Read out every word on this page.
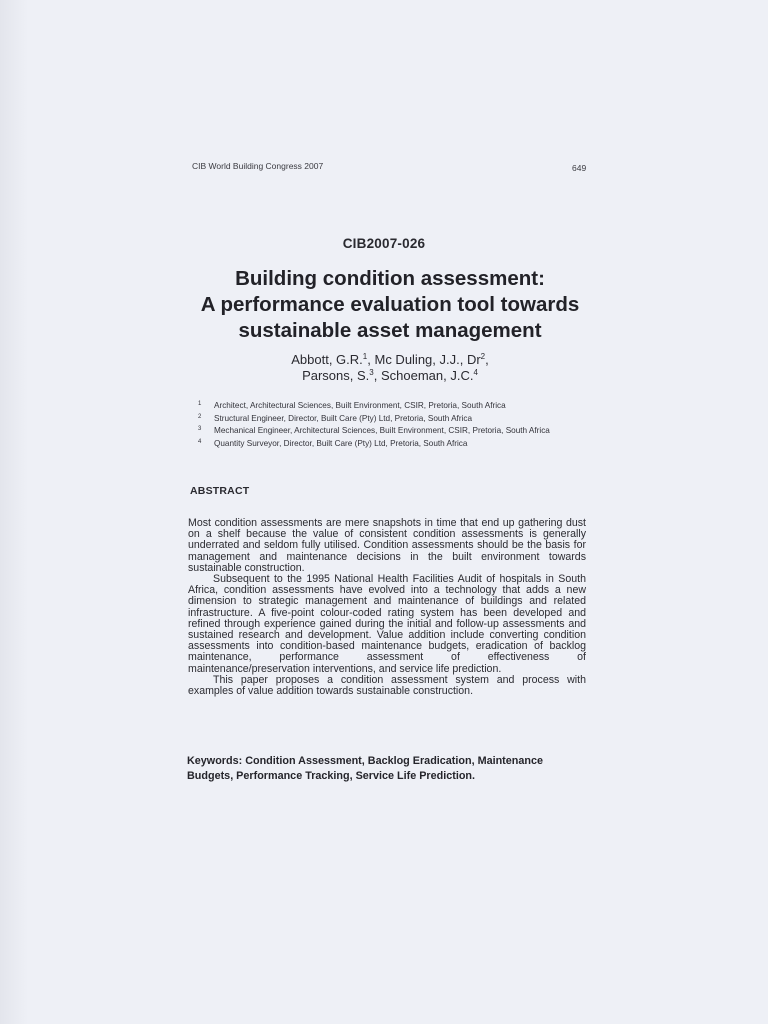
CIB World Building Congress 2007	649
CIB2007-026
Building condition assessment:
A performance evaluation tool towards
sustainable asset management
Abbott, G.R.$^1$, Mc Duling, J.J., Dr$^2$,
Parsons, S.$^3$, Schoeman, J.C.$^4$
1 Architect, Architectural Sciences, Built Environment, CSIR, Pretoria, South Africa
2 Structural Engineer, Director, Built Care (Pty) Ltd, Pretoria, South Africa
3 Mechanical Engineer, Architectural Sciences, Built Environment, CSIR, Pretoria, South Africa
4 Quantity Surveyor, Director, Built Care (Pty) Ltd, Pretoria, South Africa
ABSTRACT

Most condition assessments are mere snapshots in time that end up gathering dust on a shelf because the value of consistent condition assessments is generally underrated and seldom fully utilised. Condition assessments should be the basis for management and maintenance decisions in the built environment towards sustainable construction.

Subsequent to the 1995 National Health Facilities Audit of hospitals in South Africa, condition assessments have evolved into a technology that adds a new dimension to strategic management and maintenance of buildings and related infrastructure. A five-point colour-coded rating system has been developed and refined through experience gained during the initial and follow-up assessments and sustained research and development. Value addition include converting condition assessments into condition-based maintenance budgets, eradication of backlog maintenance, performance assessment of effectiveness of maintenance/preservation interventions, and service life prediction.

This paper proposes a condition assessment system and process with examples of value addition towards sustainable construction.

Keywords: Condition Assessment, Backlog Eradication, Maintenance Budgets, Performance Tracking, Service Life Prediction.
